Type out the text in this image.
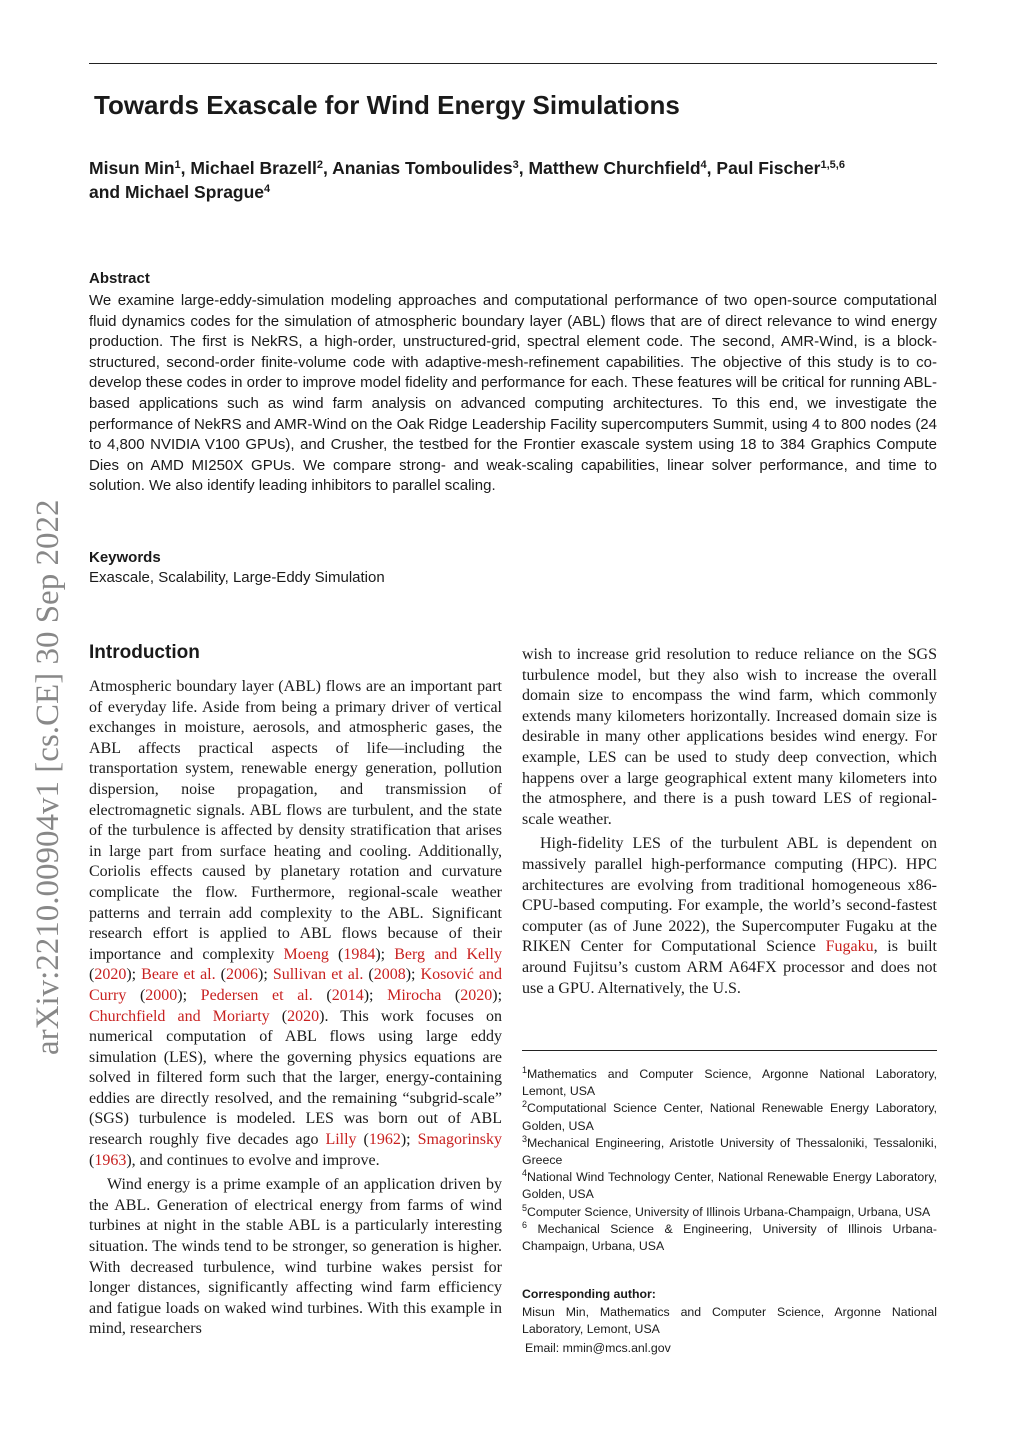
Towards Exascale for Wind Energy Simulations
Misun Min$^1$, Michael Brazell$^2$, Ananias Tomboulides$^3$, Matthew Churchfield$^4$, Paul Fischer$^{1,5,6}$
and Michael Sprague$^4$
Abstract

We examine large-eddy-simulation modeling approaches and computational performance of two open-source computational fluid dynamics codes for the simulation of atmospheric boundary layer (ABL) flows that are of direct relevance to wind energy production. The first is NekRS, a high-order, unstructured-grid, spectral element code. The second, AMR-Wind, is a block-structured, second-order finite-volume code with adaptive-mesh-refinement capabilities. The objective of this study is to co-develop these codes in order to improve model fidelity and performance for each. These features will be critical for running ABL-based applications such as wind farm analysis on advanced computing architectures. To this end, we investigate the performance of NekRS and AMR-Wind on the Oak Ridge Leadership Facility supercomputers Summit, using 4 to 800 nodes (24 to 4,800 NVIDIA V100 GPUs), and Crusher, the testbed for the Frontier exascale system using 18 to 384 Graphics Compute Dies on AMD MI250X GPUs. We compare strong- and weak-scaling capabilities, linear solver performance, and time to solution. We also identify leading inhibitors to parallel scaling.

Keywords
Exascale, Scalability, Large-Eddy Simulation
Introduction

Atmospheric boundary layer (ABL) flows are an important part of everyday life. Aside from being a primary driver of vertical exchanges in moisture, aerosols, and atmospheric gases, the ABL affects practical aspects of life—including the transportation system, renewable energy generation, pollution dispersion, noise propagation, and transmission of electromagnetic signals. ABL flows are turbulent, and the state of the turbulence is affected by density stratification that arises in large part from surface heating and cooling. Additionally, Coriolis effects caused by planetary rotation and curvature complicate the flow. Furthermore, regional-scale weather patterns and terrain add complexity to the ABL. Significant research effort is applied to ABL flows because of their importance and complexity Moeng (1984); Berg and Kelly (2020); Beare et al. (2006); Sullivan et al. (2008); Kosović and Curry (2000); Pedersen et al. (2014); Mirocha (2020); Churchfield and Moriarty (2020). This work focuses on numerical computation of ABL flows using large eddy simulation (LES), where the governing physics equations are solved in filtered form such that the larger, energy-containing eddies are directly resolved, and the remaining “subgrid-scale” (SGS) turbulence is modeled. LES was born out of ABL research roughly five decades ago Lilly (1962); Smagorinsky (1963), and continues to evolve and improve.

Wind energy is a prime example of an application driven by the ABL. Generation of electrical energy from farms of wind turbines at night in the stable ABL is a particularly interesting situation. The winds tend to be stronger, so generation is higher. With decreased turbulence, wind turbine wakes persist for longer distances, significantly affecting wind farm efficiency and fatigue loads on waked wind turbines. With this example in mind, researchers

wish to increase grid resolution to reduce reliance on the SGS turbulence model, but they also wish to increase the overall domain size to encompass the wind farm, which commonly extends many kilometers horizontally. Increased domain size is desirable in many other applications besides wind energy. For example, LES can be used to study deep convection, which happens over a large geographical extent many kilometers into the atmosphere, and there is a push toward LES of regional-scale weather.

High-fidelity LES of the turbulent ABL is dependent on massively parallel high-performance computing (HPC). HPC architectures are evolving from traditional homogeneous x86-CPU-based computing. For example, the world’s second-fastest computer (as of June 2022), the Supercomputer Fugaku at the RIKEN Center for Computational Science Fugaku, is built around Fujitsu’s custom ARM A64FX processor and does not use a GPU. Alternatively, the U.S.

arXiv:2210.00904v1 [cs.CE] 30 Sep 2022
$^1$Mathematics and Computer Science, Argonne National Laboratory, Lemont, USA
$^2$Computational Science Center, National Renewable Energy Laboratory, Golden, USA
$^3$Mechanical Engineering, Aristotle University of Thessaloniki, Tessaloniki, Greece
$^4$National Wind Technology Center, National Renewable Energy Laboratory, Golden, USA
$^5$Computer Science, University of Illinois Urbana-Champaign, Urbana, USA
$^6$ Mechanical Science & Engineering, University of Illinois Urbana-Champaign, Urbana, USA
Corresponding author:
Misun Min, Mathematics and Computer Science, Argonne National Laboratory, Lemont, USA
Email: mmin@mcs.anl.gov
